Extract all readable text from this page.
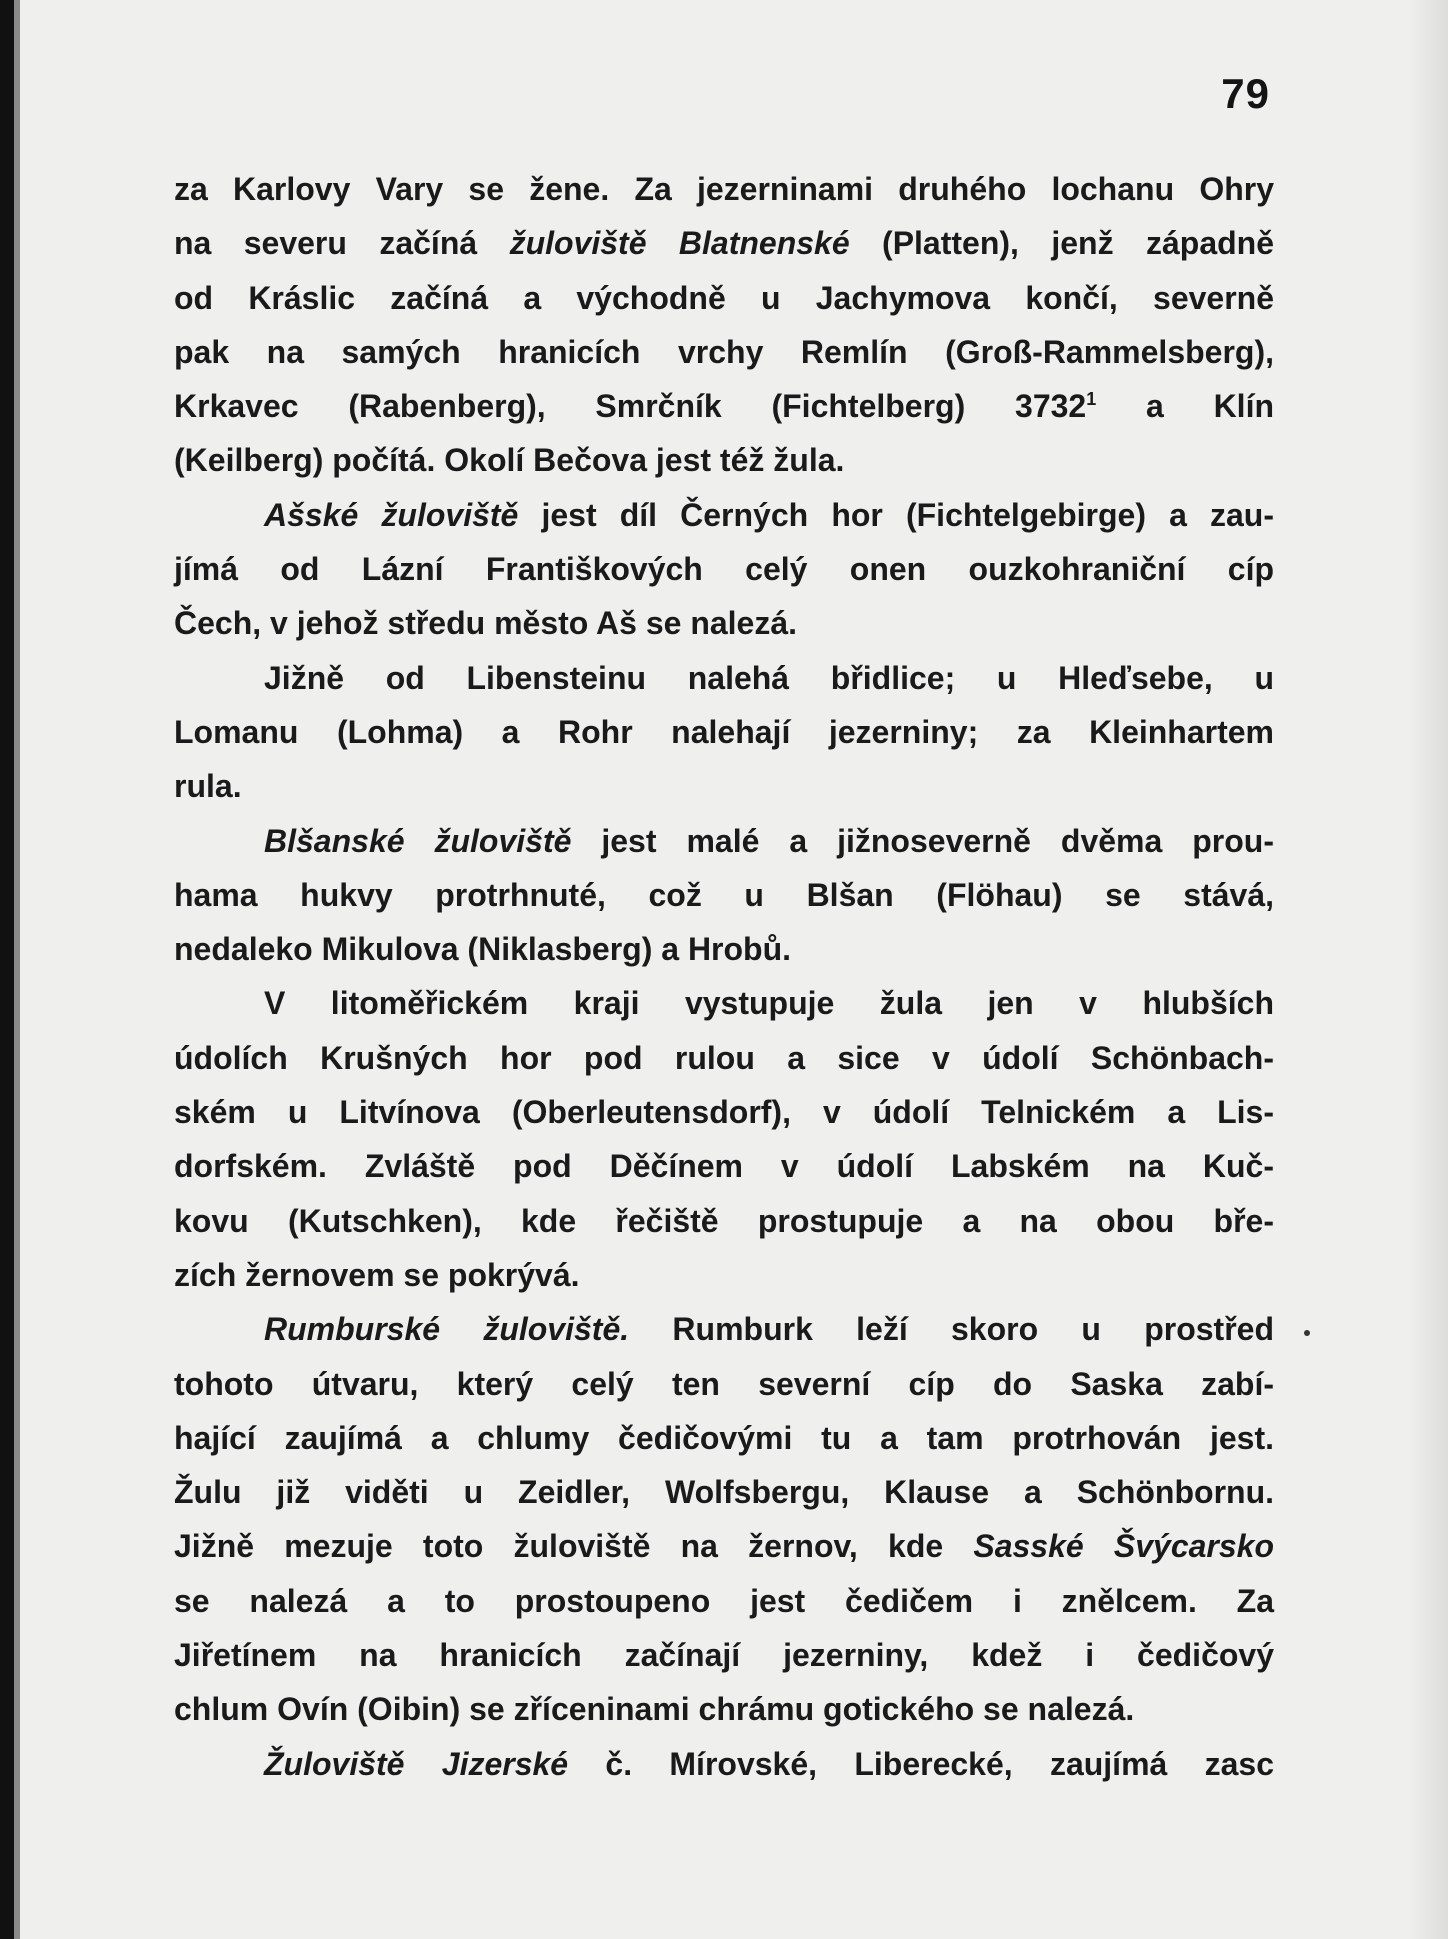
79
za Karlovy Vary se žene. Za jezerninami druhého lochanu Ohry
na severu začíná žuloviště Blatnenské (Platten), jenž západně
od Kráslic začíná a východně u Jachymova končí, severně
pak na samých hranicích vrchy Remlín (Groß-Rammelsberg),
Krkavec (Rabenberg), Smrčník (Fichtelberg) 3732$^1$ a Klín
(Keilberg) počítá. Okolí Bečova jest též žula.
Ašské žuloviště jest díl Černých hor (Fichtelgebirge) a zau-
jímá od Lázní Františkových celý onen ouzkohraniční cíp
Čech, v jehož středu město Aš se nalezá.
Jižně od Libensteinu nalehá břidlice; u Hleďsebe, u
Lomanu (Lohma) a Rohr nalehají jezerniny; za Kleinhartem
rula.
Blšanské žuloviště jest malé a jižnoseverně dvěma prou-
hama hukvy protrhnuté, což u Blšan (Flöhau) se stává,
nedaleko Mikulova (Niklasberg) a Hrobů.
V litoměřickém kraji vystupuje žula jen v hlubších
údolích Krušných hor pod rulou a sice v údolí Schönbach-
ském u Litvínova (Oberleutensdorf), v údolí Telnickém a Lis-
dorfském. Zvláště pod Děčínem v údolí Labském na Kuč-
kovu (Kutschken), kde řečiště prostupuje a na obou bře-
zích žernovem se pokrývá.
Rumburské žuloviště. Rumburk leží skoro u prostřed
tohoto útvaru, který celý ten severní cíp do Saska zabí-
hající zaujímá a chlumy čedičovými tu a tam protrhován jest.
Žulu již viděti u Zeidler, Wolfsbergu, Klause a Schönbornu.
Jižně mezuje toto žuloviště na žernov, kde Sasské Švýcarsko
se nalezá a to prostoupeno jest čedičem i znělcem. Za
Jiřetínem na hranicích začínají jezerniny, kdež i čedičový
chlum Ovín (Oibin) se zříceninami chrámu gotického se nalezá.
Žuloviště Jizerské č. Mírovské, Liberecké, zaujímá zasc
